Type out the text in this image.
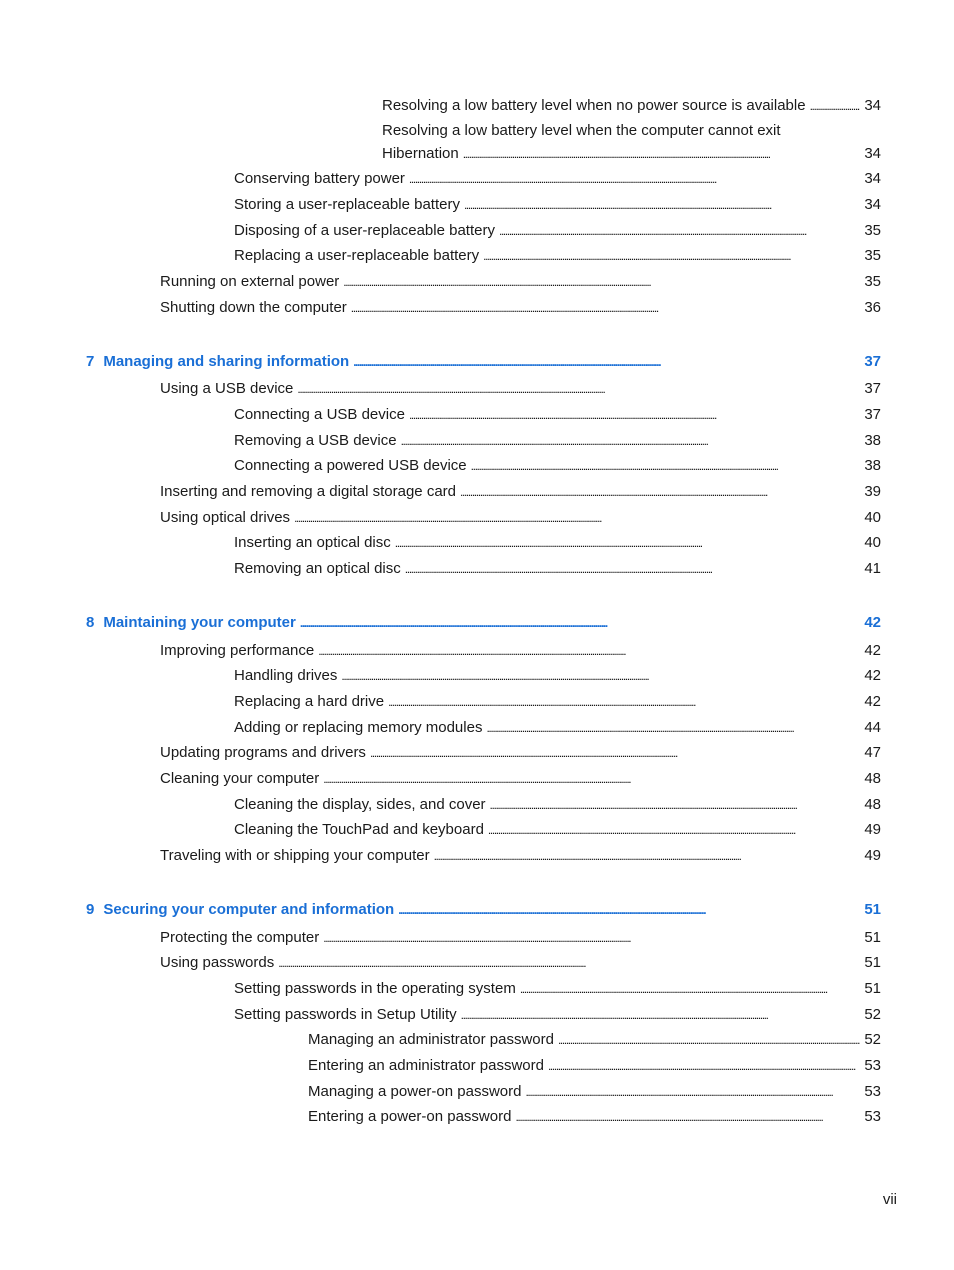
Resolving a low battery level when no power source is available . . .	34
Resolving a low battery level when the computer cannot exit
Hibernation . . .	34
Conserving battery power . . .	34
Storing a user-replaceable battery . . .	34
Disposing of a user-replaceable battery . . .	35
Replacing a user-replaceable battery . . .	35
Running on external power . . .	35
Shutting down the computer . . .	36
7 Managing and sharing information . . .	37
Using a USB device . . .	37
Connecting a USB device . . .	37
Removing a USB device . . .	38
Connecting a powered USB device . . .	38
Inserting and removing a digital storage card . . .	39
Using optical drives . . .	40
Inserting an optical disc . . .	40
Removing an optical disc . . .	41
8 Maintaining your computer . . .	42
Improving performance . . .	42
Handling drives . . .	42
Replacing a hard drive . . .	42
Adding or replacing memory modules . . .	44
Updating programs and drivers . . .	47
Cleaning your computer . . .	48
Cleaning the display, sides, and cover . . .	48
Cleaning the TouchPad and keyboard . . .	49
Traveling with or shipping your computer . . .	49
9 Securing your computer and information . . .	51
Protecting the computer . . .	51
Using passwords . . .	51
Setting passwords in the operating system . . .	51
Setting passwords in Setup Utility . . .	52
Managing an administrator password . . .	52
Entering an administrator password . . .	53
Managing a power-on password . . .	53
Entering a power-on password . . .	53
vii
